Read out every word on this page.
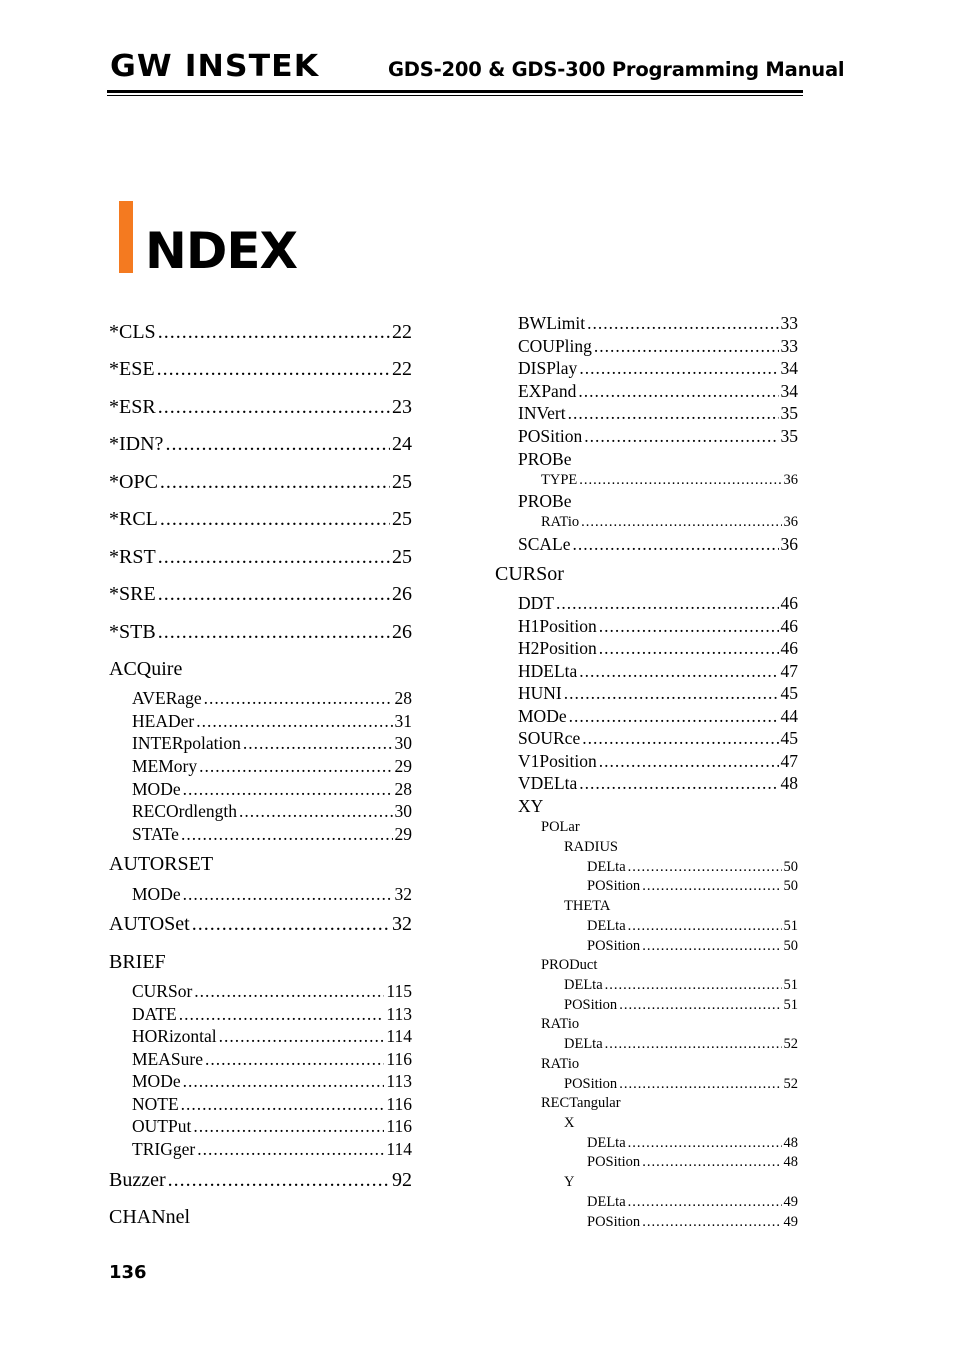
GW INSTEK	GDS-200 & GDS-300 Programming Manual
NDEX
*CLS .....	22
*ESE .....	22
*ESR .....	23
*IDN? .....	24
*OPC .....	25
*RCL .....	25
*RST .....	25
*SRE .....	26
*STB .....	26
ACQuire
AVERage .....	28
HEADer .....	31
INTERpolation .....	30
MEMory .....	29
MODe .....	28
RECOrdlength .....	30
STATe .....	29
AUTORSET
MODe .....	32
AUTOSet .....	32
BRIEF
CURSor .....	115
DATE .....	113
HORizontal .....	114
MEASure .....	116
MODe .....	113
NOTE .....	116
OUTPut .....	116
TRIGger .....	114
Buzzer .....	92
CHANnel
BWLimit .....	33
COUPling .....	33
DISPlay .....	34
EXPand .....	34
INVert .....	35
POSition .....	35
PROBe
TYPE .....	36
PROBe
RATio .....	36
SCALe .....	36
CURSor
DDT .....	46
H1Position .....	46
H2Position .....	46
HDELta .....	47
HUNI .....	45
MODe .....	44
SOURce .....	45
V1Position .....	47
VDELta .....	48
XY
POLar
RADIUS
DELta .....	50
POSition .....	50
THETA
DELta .....	51
POSition .....	50
PRODuct
DELta .....	51
POSition .....	51
RATio
DELta .....	52
RATio
POSition .....	52
RECTangular
X
DELta .....	48
POSition .....	48
Y
DELta .....	49
POSition .....	49
136
